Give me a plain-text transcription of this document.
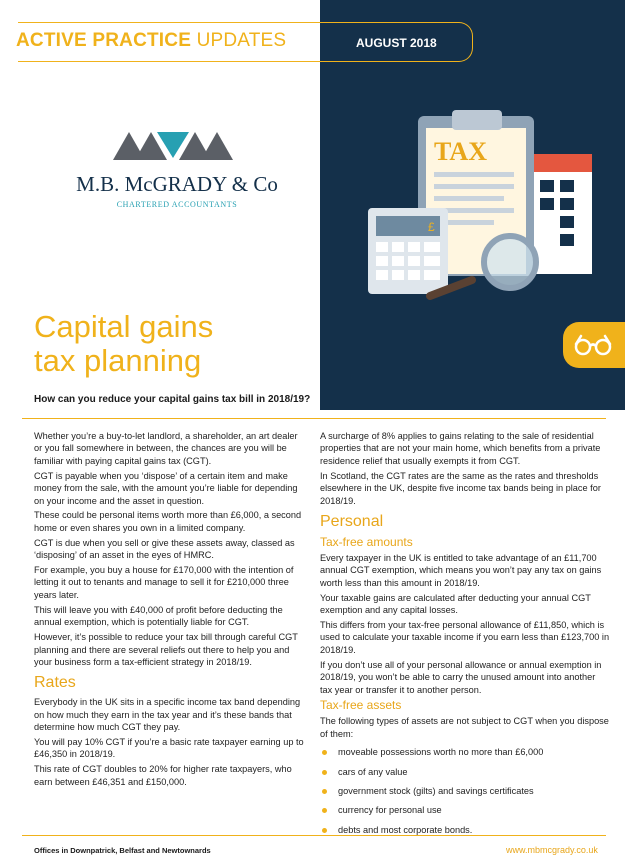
ACTIVE PRACTICE UPDATES	AUGUST 2018
M.B. McGRADY & Co
CHARTERED ACCOUNTANTS
TAX
£
Capital gains
tax planning
How can you reduce your capital gains tax bill in 2018/19?

Whether you’re a buy-to-let landlord, a shareholder, an art dealer or you fall somewhere in between, the chances are you will be familiar with paying capital gains tax (CGT).

CGT is payable when you ‘dispose’ of a certain item and make money from the sale, with the amount you’re liable for depending on your income and the asset in question.

These could be personal items worth more than £6,000, a second home or even shares you own in a limited company.

CGT is due when you sell or give these assets away, classed as ‘disposing’ of an asset in the eyes of HMRC.

For example, you buy a house for £170,000 with the intention of letting it out to tenants and manage to sell it for £210,000 three years later.

This will leave you with £40,000 of profit before deducting the annual exemption, which is potentially liable for CGT.

However, it’s possible to reduce your tax bill through careful CGT planning and there are several reliefs out there to help you and your business form a tax-efficient strategy in 2018/19.

Rates

Everybody in the UK sits in a specific income tax band depending on how much they earn in the tax year and it’s these bands that determine how much CGT they pay.

You will pay 10% CGT if you’re a basic rate taxpayer earning up to £46,350 in 2018/19.

This rate of CGT doubles to 20% for higher rate taxpayers, who earn between £46,351 and £150,000.

A surcharge of 8% applies to gains relating to the sale of residential properties that are not your main home, which benefits from a private residence relief that usually exempts it from CGT.

In Scotland, the CGT rates are the same as the rates and thresholds elsewhere in the UK, despite five income tax bands being in place for 2018/19.

Personal
Tax-free amounts

Every taxpayer in the UK is entitled to take advantage of an £11,700 annual CGT exemption, which means you won’t pay any tax on gains worth less than this amount in 2018/19.

Your taxable gains are calculated after deducting your annual CGT exemption and any capital losses.

This differs from your tax-free personal allowance of £11,850, which is used to calculate your taxable income if you earn less than £123,700 in 2018/19.

If you don’t use all of your personal allowance or annual exemption in 2018/19, you won’t be able to carry the unused amount into another tax year or transfer it to another person.

Tax-free assets

The following types of assets are not subject to CGT when you dispose of them:

moveable possessions worth no more than £6,000
cars of any value
government stock (gilts) and savings certificates
currency for personal use
debts and most corporate bonds.
Offices in Downpatrick, Belfast and Newtownards	www.mbmcgrady.co.uk
